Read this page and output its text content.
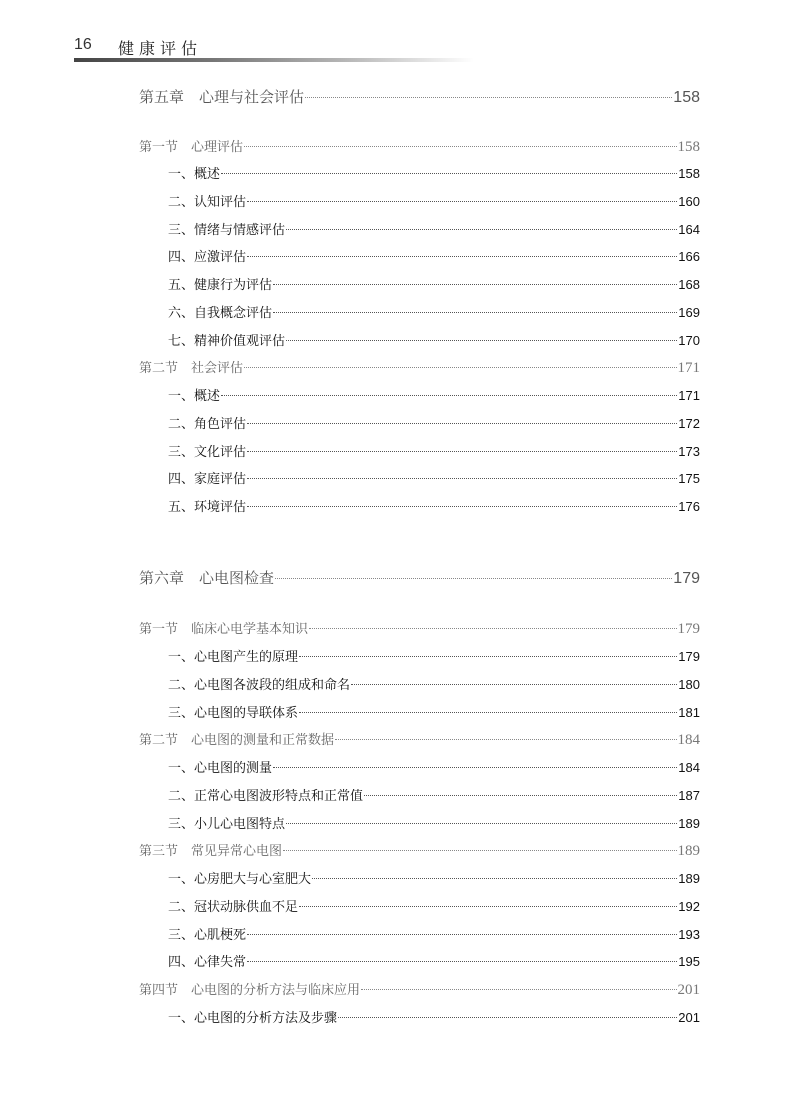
16 健康评估
第五章　心理与社会评估	158
第一节　心理评估	158
一、概述	158
二、认知评估	160
三、情绪与情感评估	164
四、应激评估	166
五、健康行为评估	168
六、自我概念评估	169
七、精神价值观评估	170
第二节　社会评估	171
一、概述	171
二、角色评估	172
三、文化评估	173
四、家庭评估	175
五、环境评估	176
第六章　心电图检查	179
第一节　临床心电学基本知识	179
一、心电图产生的原理	179
二、心电图各波段的组成和命名	180
三、心电图的导联体系	181
第二节　心电图的测量和正常数据	184
一、心电图的测量	184
二、正常心电图波形特点和正常值	187
三、小儿心电图特点	189
第三节　常见异常心电图	189
一、心房肥大与心室肥大	189
二、冠状动脉供血不足	192
三、心肌梗死	193
四、心律失常	195
第四节　心电图的分析方法与临床应用	201
一、心电图的分析方法及步骤	201
